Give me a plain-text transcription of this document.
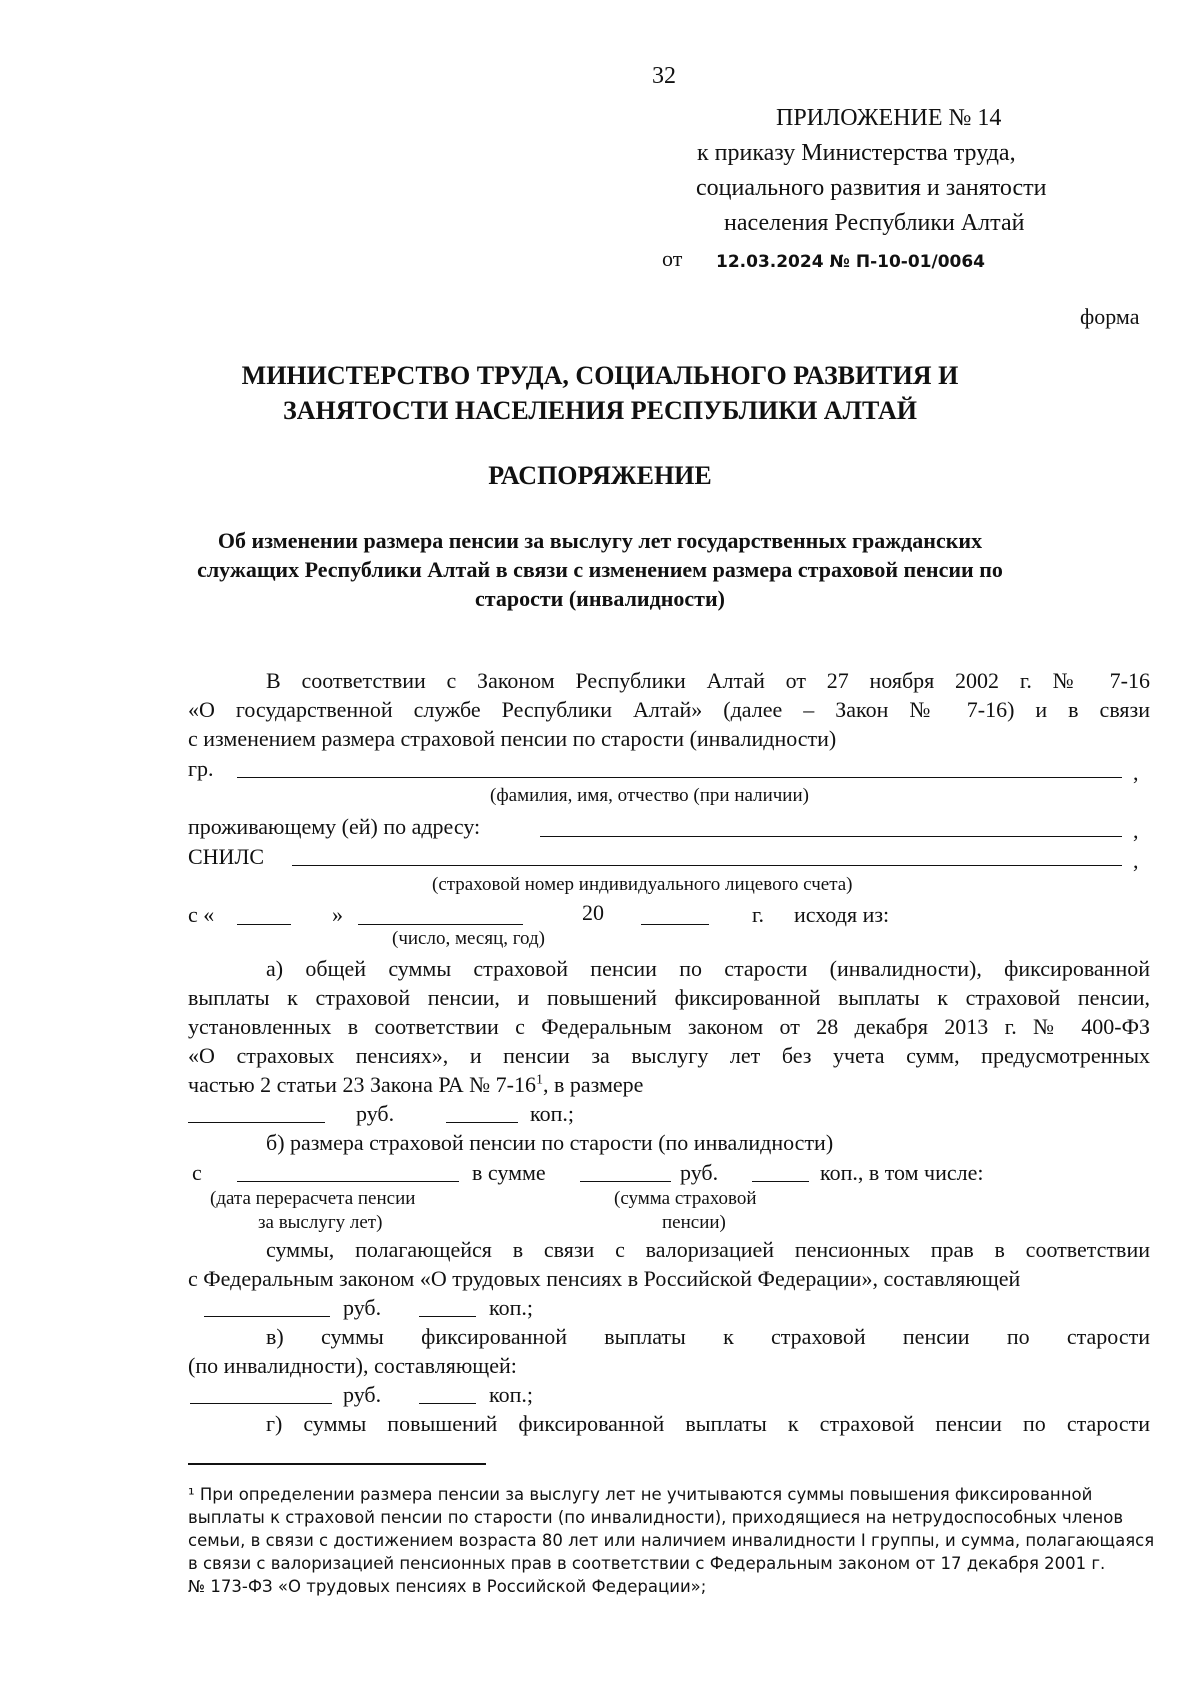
32
ПРИЛОЖЕНИЕ № 14
к приказу Министерства труда,
социального развития и занятости
населения Республики Алтай
от 12.03.2024 № П-10-01/0064
форма
МИНИСТЕРСТВО ТРУДА, СОЦИАЛЬНОГО РАЗВИТИЯ И
ЗАНЯТОСТИ НАСЕЛЕНИЯ РЕСПУБЛИКИ АЛТАЙ
РАСПОРЯЖЕНИЕ
Об изменении размера пенсии за выслугу лет государственных гражданских
служащих Республики Алтай в связи с изменением размера страховой пенсии по
старости (инвалидности)
В соответствии с Законом Республики Алтай от 27 ноября 2002 г. № 7-16
«О государственной службе Республики Алтай» (далее – Закон № 7-16) и в связи
с изменением размера страховой пенсии по старости (инвалидности)
гр.	,
(фамилия, имя, отчество (при наличии)
проживающему (ей) по адресу:	,
СНИЛС	,
(страховой номер индивидуального лицевого счета)
с «	»	20	г. исходя из:
(число, месяц, год)
а) общей суммы страховой пенсии по старости (инвалидности), фиксированной
выплаты к страховой пенсии, и повышений фиксированной выплаты к страховой пенсии,
установленных в соответствии с Федеральным законом от 28 декабря 2013 г. № 400-ФЗ
«О страховых пенсиях», и пенсии за выслугу лет без учета сумм, предусмотренных
частью 2 статьи 23 Закона РА № $7-16^1$, в размере
руб.	коп.;
б) размера страховой пенсии по старости (по инвалидности)
с	в сумме	руб.	коп., в том числе:
(дата перерасчета пенсии
за выслугу лет)
(сумма страховой
пенсии)
суммы, полагающейся в связи с валоризацией пенсионных прав в соответствии
с Федеральным законом «О трудовых пенсиях в Российской Федерации», составляющей
руб.	коп.;
в) суммы фиксированной выплаты к страховой пенсии по старости
(по инвалидности), составляющей:
руб.	коп.;
г) суммы повышений фиксированной выплаты к страховой пенсии по старости
¹ При определении размера пенсии за выслугу лет не учитываются суммы повышения фиксированной
выплаты к страховой пенсии по старости (по инвалидности), приходящиеся на нетрудоспособных членов
семьи, в связи с достижением возраста 80 лет или наличием инвалидности I группы, и сумма, полагающаяся
в связи с валоризацией пенсионных прав в соответствии с Федеральным законом от 17 декабря 2001 г.
№ 173-ФЗ «О трудовых пенсиях в Российской Федерации»;
